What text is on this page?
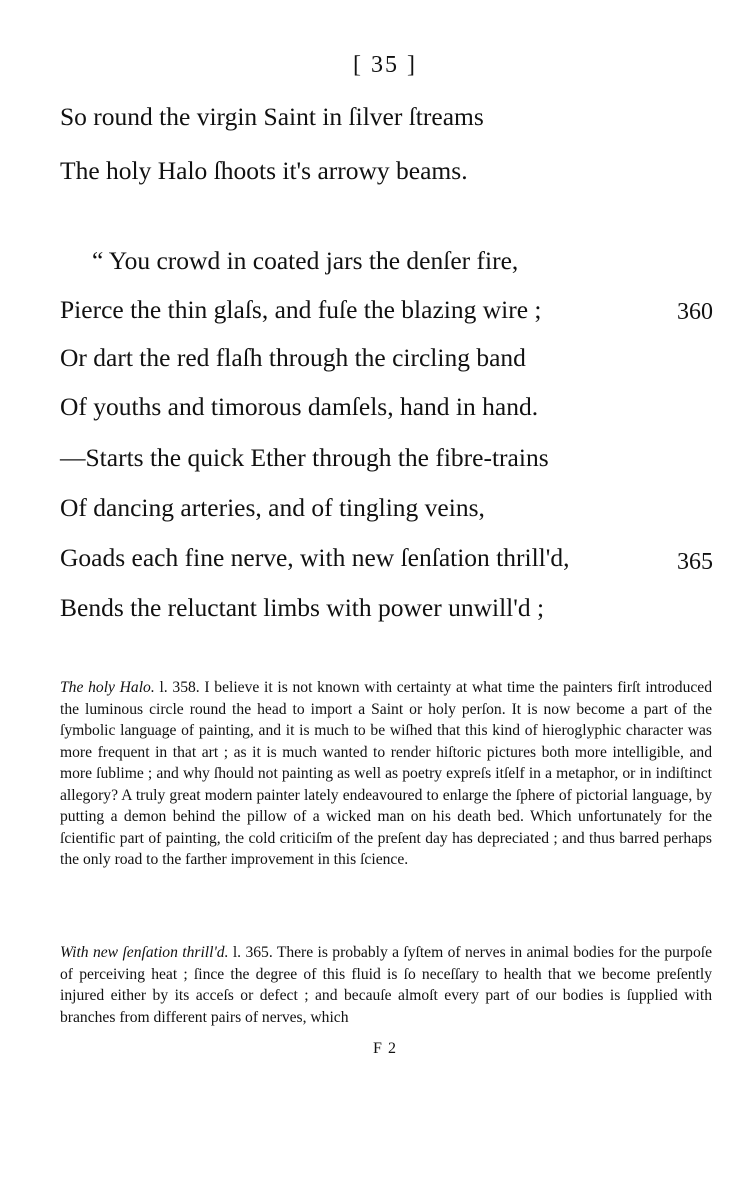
[ 35 ]
So round the virgin Saint in ſilver ſtreams
The holy Halo ſhoots it's arrowy beams.
“ You crowd in coated jars the denſer fire,
Pierce the thin glaſs, and fuſe the blazing wire ;	360
Or dart the red flaſh through the circling band
Of youths and timorous damſels, hand in hand.
—Starts the quick Ether through the fibre-trains
Of dancing arteries, and of tingling veins,
Goads each fine nerve, with new ſenſation thrill'd,	365
Bends the reluctant limbs with power unwill'd ;

The holy Halo. l. 358. I believe it is not known with certainty at what time the painters firſt introduced the luminous circle round the head to import a Saint or holy perſon. It is now become a part of the ſymbolic language of painting, and it is much to be wiſhed that this kind of hieroglyphic character was more frequent in that art ; as it is much wanted to render hiſtoric pictures both more intelligible, and more ſublime ; and why ſhould not painting as well as poetry expreſs itſelf in a metaphor, or in indiſtinct allegory? A truly great modern painter lately endeavoured to enlarge the ſphere of pictorial language, by putting a demon behind the pillow of a wicked man on his death bed. Which unfortunately for the ſcientific part of painting, the cold criticiſm of the preſent day has depreciated ; and thus barred perhaps the only road to the farther improvement in this ſcience.

With new ſenſation thrill'd. l. 365. There is probably a ſyſtem of nerves in animal bodies for the purpoſe of perceiving heat ; ſince the degree of this fluid is ſo neceſſary to health that we become preſently injured either by its acceſs or defect ; and becauſe almoſt every part of our bodies is ſupplied with branches from different pairs of nerves, which

F 2
